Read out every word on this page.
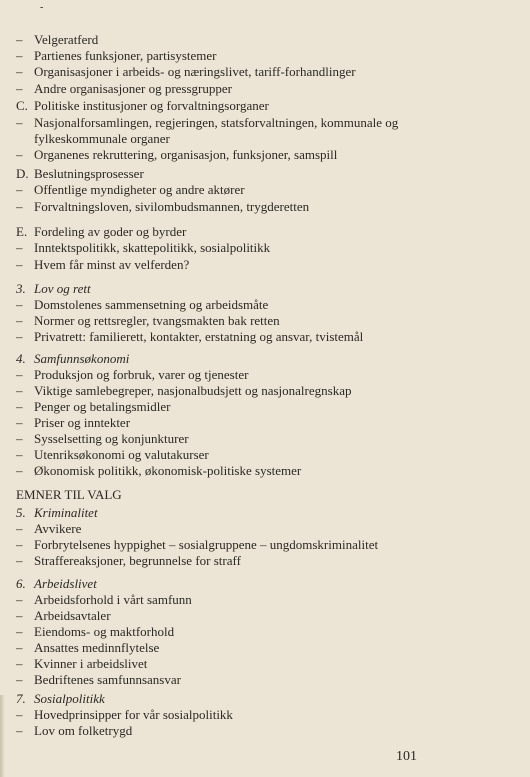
-
– Velgeratferd
– Partienes funksjoner, partisystemer
– Organisasjoner i arbeids- og næringslivet, tariff-forhandlinger
– Andre organisasjoner og pressgrupper
C. Politiske institusjoner og forvaltningsorganer
– Nasjonalforsamlingen, regjeringen, statsforvaltningen, kommunale og
fylkeskommunale organer
– Organenes rekruttering, organisasjon, funksjoner, samspill
D. Beslutningsprosesser
– Offentlige myndigheter og andre aktører
– Forvaltningsloven, sivilombudsmannen, trygderetten
E. Fordeling av goder og byrder
– Inntektspolitikk, skattepolitikk, sosialpolitikk
– Hvem får minst av velferden?
3. Lov og rett
– Domstolenes sammensetning og arbeidsmåte
– Normer og rettsregler, tvangsmakten bak retten
– Privatrett: familierett, kontakter, erstatning og ansvar, tvistemål
4. Samfunnsøkonomi
– Produksjon og forbruk, varer og tjenester
– Viktige samlebegreper, nasjonalbudsjett og nasjonalregnskap
– Penger og betalingsmidler
– Priser og inntekter
– Sysselsetting og konjunkturer
– Utenriksøkonomi og valutakurser
– Økonomisk politikk, økonomisk-politiske systemer
EMNER TIL VALG
5. Kriminalitet
– Avvikere
– Forbrytelsenes hyppighet – sosialgruppene – ungdomskriminalitet
– Straffereaksjoner, begrunnelse for straff
6. Arbeidslivet
– Arbeidsforhold i vårt samfunn
– Arbeidsavtaler
– Eiendoms- og maktforhold
– Ansattes medinnflytelse
– Kvinner i arbeidslivet
– Bedriftenes samfunnsansvar
7. Sosialpolitikk
– Hovedprinsipper for vår sosialpolitikk
– Lov om folketrygd
101
